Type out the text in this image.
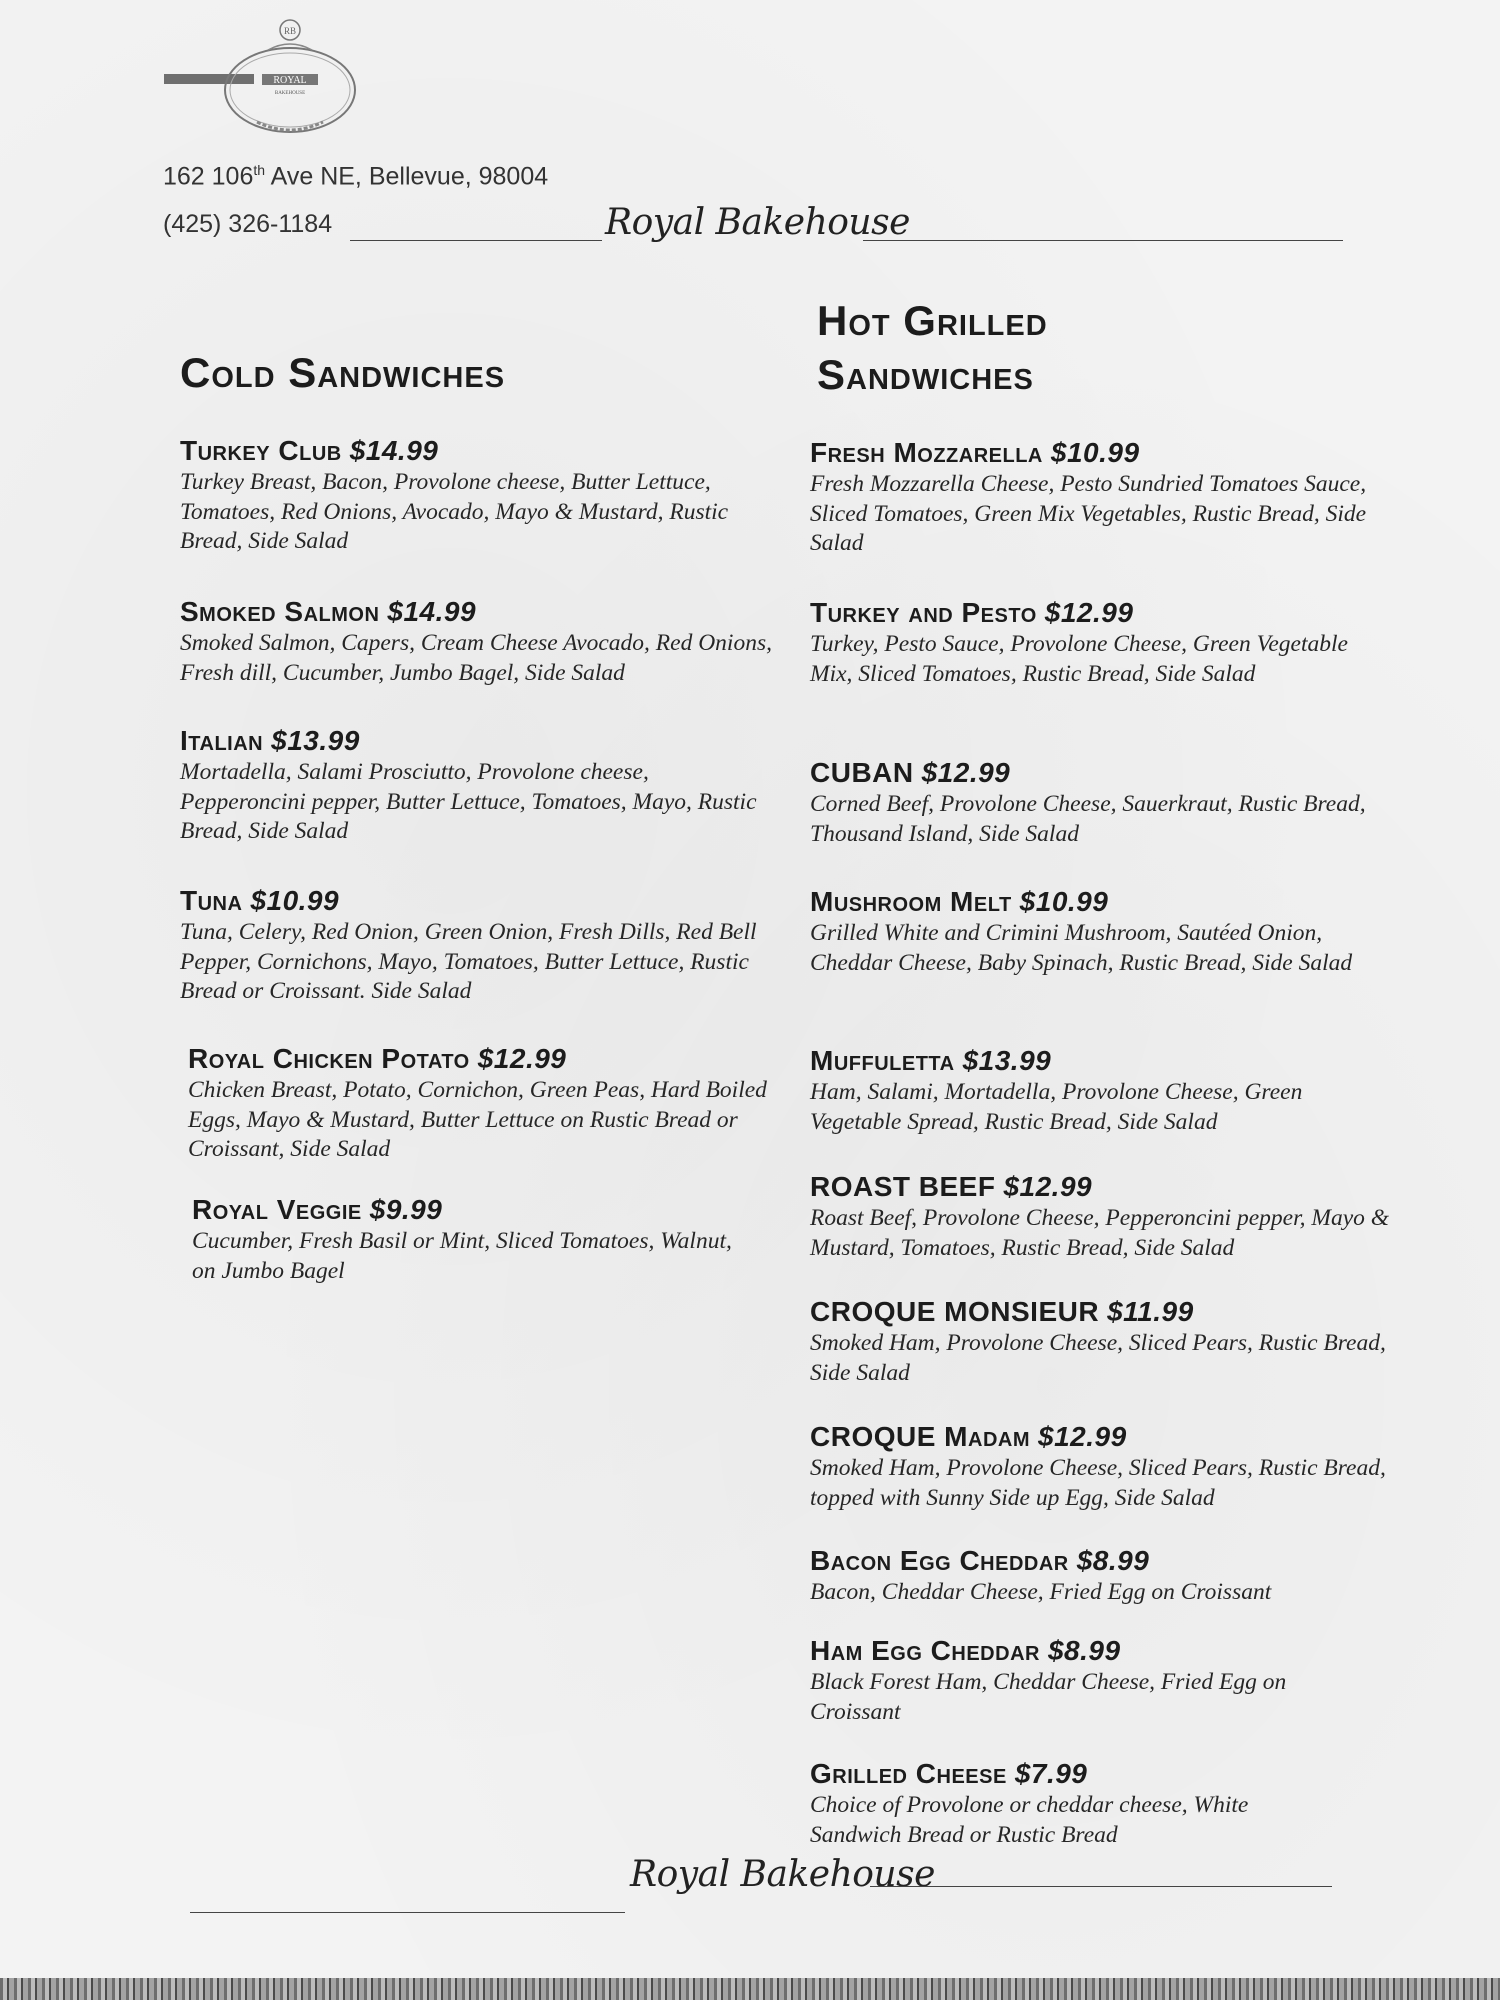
ROYAL
BAKEHOUSE
RB
162 106th Ave NE, Bellevue, 98004
(425) 326-1184	Royal Bakehouse
Cold Sandwiches
Hot Grilled
Sandwiches
Turkey Club $14.99
Turkey Breast, Bacon, Provolone cheese, Butter Lettuce, Tomatoes, Red Onions, Avocado, Mayo & Mustard, Rustic Bread, Side Salad
Smoked Salmon $14.99
Smoked Salmon, Capers, Cream Cheese Avocado, Red Onions, Fresh dill, Cucumber, Jumbo Bagel, Side Salad
Italian $13.99
Mortadella, Salami Prosciutto, Provolone cheese, Pepperoncini pepper, Butter Lettuce, Tomatoes, Mayo, Rustic Bread, Side Salad
Tuna $10.99
Tuna, Celery, Red Onion, Green Onion, Fresh Dills, Red Bell Pepper, Cornichons, Mayo, Tomatoes, Butter Lettuce, Rustic Bread or Croissant. Side Salad
Royal Chicken Potato $12.99
Chicken Breast, Potato, Cornichon, Green Peas, Hard Boiled Eggs, Mayo & Mustard, Butter Lettuce on Rustic Bread or Croissant, Side Salad
Royal Veggie $9.99
Cucumber, Fresh Basil or Mint, Sliced Tomatoes, Walnut, on Jumbo Bagel
Fresh Mozzarella $10.99
Fresh Mozzarella Cheese, Pesto Sundried Tomatoes Sauce, Sliced Tomatoes, Green Mix Vegetables, Rustic Bread, Side Salad
Turkey and Pesto $12.99
Turkey, Pesto Sauce, Provolone Cheese, Green Vegetable Mix, Sliced Tomatoes, Rustic Bread, Side Salad
CUBAN $12.99
Corned Beef, Provolone Cheese, Sauerkraut, Rustic Bread, Thousand Island, Side Salad
Mushroom Melt $10.99
Grilled White and Crimini Mushroom, Sautéed Onion, Cheddar Cheese, Baby Spinach, Rustic Bread, Side Salad
Muffuletta $13.99
Ham, Salami, Mortadella, Provolone Cheese, Green Vegetable Spread, Rustic Bread, Side Salad
ROAST BEEF $12.99
Roast Beef, Provolone Cheese, Pepperoncini pepper, Mayo & Mustard, Tomatoes, Rustic Bread, Side Salad
CROQUE MONSIEUR $11.99
Smoked Ham, Provolone Cheese, Sliced Pears, Rustic Bread, Side Salad
CROQUE Madam $12.99
Smoked Ham, Provolone Cheese, Sliced Pears, Rustic Bread, topped with Sunny Side up Egg, Side Salad
Bacon Egg Cheddar $8.99
Bacon, Cheddar Cheese, Fried Egg on Croissant
Ham Egg Cheddar $8.99
Black Forest Ham, Cheddar Cheese, Fried Egg on Croissant
Grilled Cheese $7.99
Choice of Provolone or cheddar cheese, White Sandwich Bread or Rustic Bread
Royal Bakehouse
